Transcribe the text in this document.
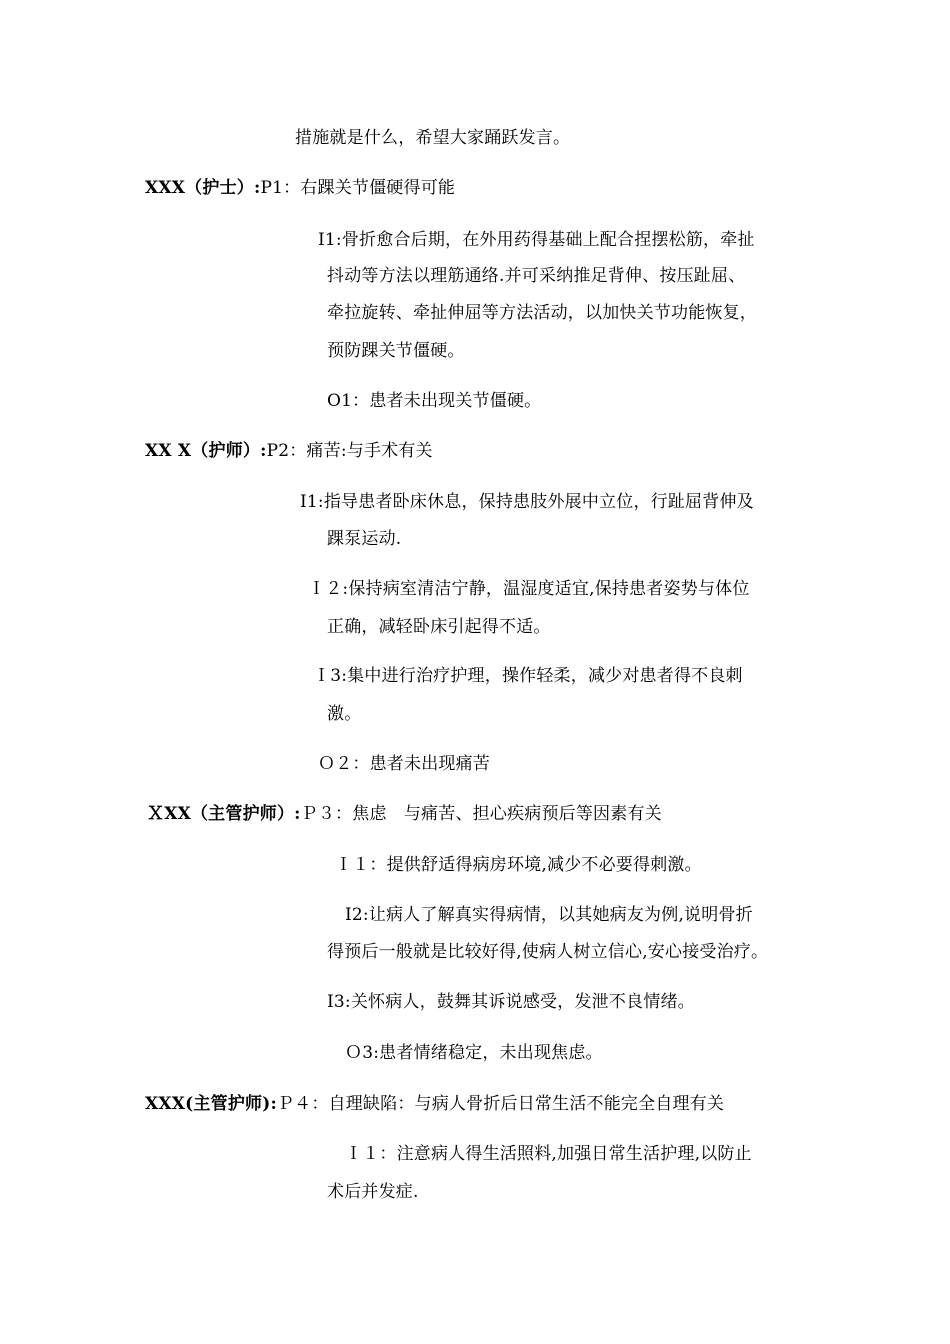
措施就是什么，希望大家踊跃发言。
XXX（护士）:P1：右踝关节僵硬得可能
I1:骨折愈合后期，在外用药得基础上配合捏摆松筋，牵扯
抖动等方法以理筋通络.并可采纳推足背伸、按压趾屈、
牵拉旋转、牵扯伸屈等方法活动，以加快关节功能恢复，
预防踝关节僵硬。
O1：患者未出现关节僵硬。
XX X（护师）:P2：痛苦:与手术有关
I1:指导患者卧床休息，保持患肢外展中立位，行趾屈背伸及
踝泵运动.
Ｉ２:保持病室清洁宁静，温湿度适宜,保持患者姿势与体位
正确，减轻卧床引起得不适。
Ｉ3:集中进行治疗护理，操作轻柔，减少对患者得不良刺
激。
Ｏ２：患者未出现痛苦
ＸXX（主管护师）:Ｐ３：焦虑　与痛苦、担心疾病预后等因素有关
Ｉ１：提供舒适得病房环境,减少不必要得刺激。
I2:让病人了解真实得病情，以其她病友为例,说明骨折
得预后一般就是比较好得,使病人树立信心,安心接受治疗。
I3:关怀病人，鼓舞其诉说感受，发泄不良情绪。
Ｏ3:患者情绪稳定，未出现焦虑。
XXX(主管护师):Ｐ４：自理缺陷：与病人骨折后日常生活不能完全自理有关
Ｉ１：注意病人得生活照料,加强日常生活护理,以防止
术后并发症.
